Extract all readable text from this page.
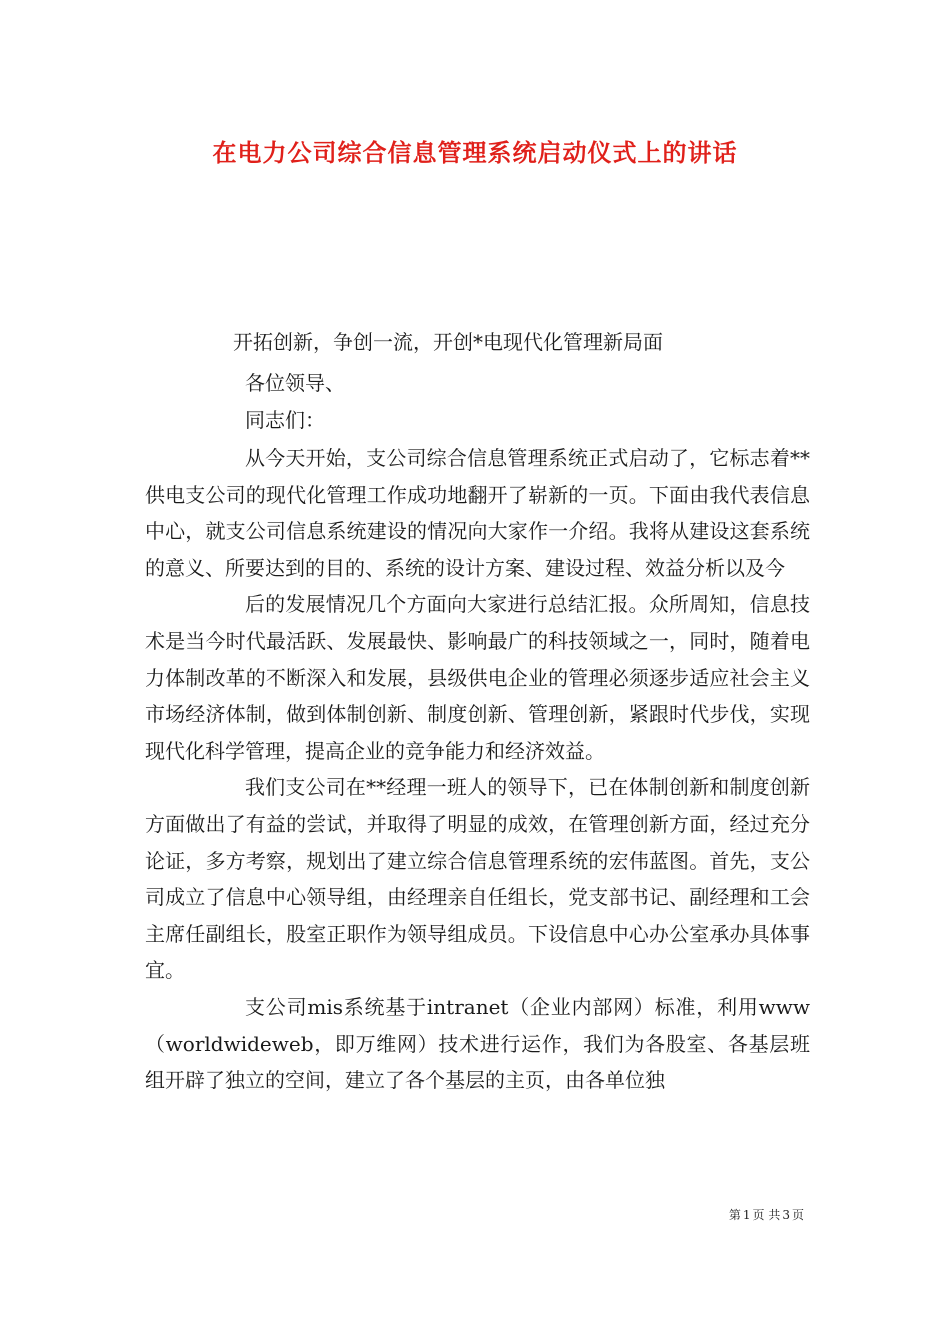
在电力公司综合信息管理系统启动仪式上的讲话

开拓创新，争创一流，开创*电现代化管理新局面

各位领导、

同志们：

从今天开始，支公司综合信息管理系统正式启动了，它标志着**供电支公司的现代化管理工作成功地翻开了崭新的一页。下面由我代表信息中心，就支公司信息系统建设的情况向大家作一介绍。我将从建设这套系统的意义、所要达到的目的、系统的设计方案、建设过程、效益分析以及今

后的发展情况几个方面向大家进行总结汇报。众所周知，信息技术是当今时代最活跃、发展最快、影响最广的科技领域之一，同时，随着电力体制改革的不断深入和发展，县级供电企业的管理必须逐步适应社会主义市场经济体制，做到体制创新、制度创新、管理创新，紧跟时代步伐，实现现代化科学管理，提高企业的竞争能力和经济效益。

我们支公司在**经理一班人的领导下，已在体制创新和制度创新方面做出了有益的尝试，并取得了明显的成效，在管理创新方面，经过充分论证，多方考察，规划出了建立综合信息管理系统的宏伟蓝图。首先，支公司成立了信息中心领导组，由经理亲自任组长，党支部书记、副经理和工会主席任副组长，股室正职作为领导组成员。下设信息中心办公室承办具体事宜。

支公司mis系统基于intranet（企业内部网）标准，利用www（worldwideweb，即万维网）技术进行运作，我们为各股室、各基层班组开辟了独立的空间，建立了各个基层的主页，由各单位独

第 1 页 共 3 页
